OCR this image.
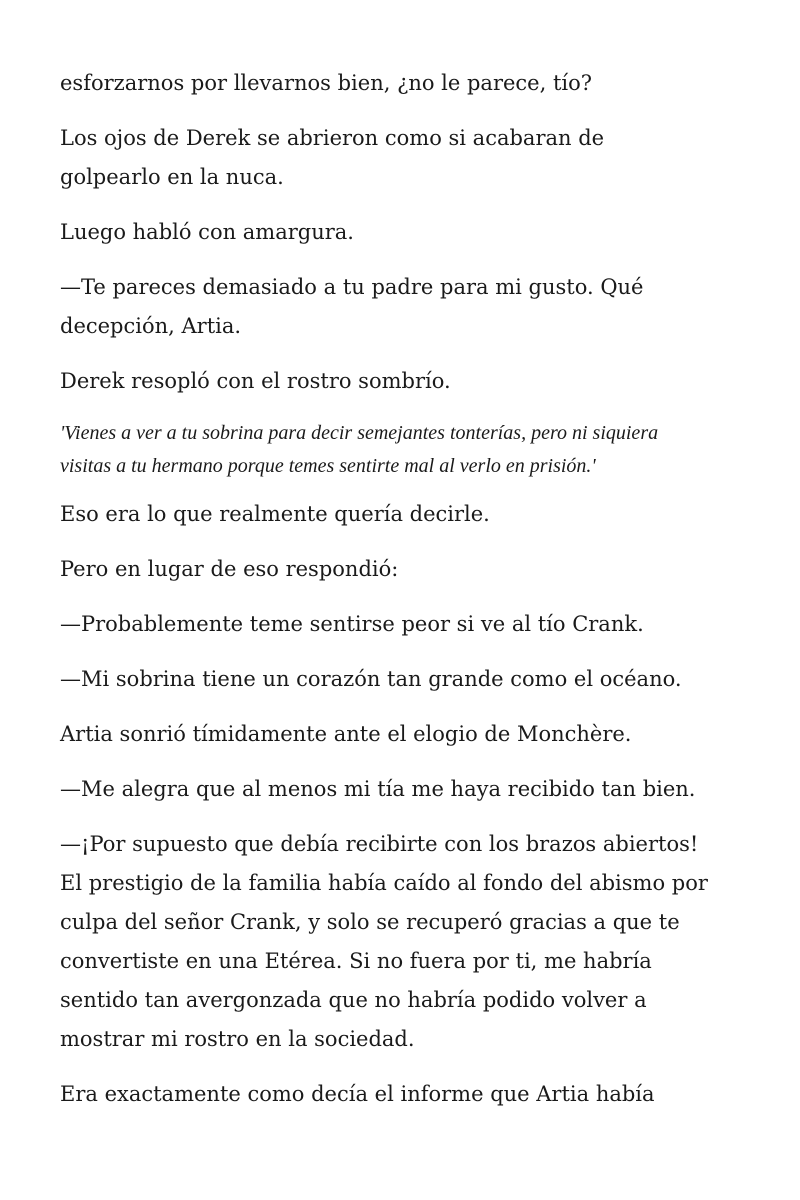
esforzarnos por llevarnos bien, ¿no le parece, tío?

Los ojos de Derek se abrieron como si acabaran de
golpearlo en la nuca.

Luego habló con amargura.

—Te pareces demasiado a tu padre para mi gusto. Qué
decepción, Artia.

Derek resopló con el rostro sombrío.

'Vienes a ver a tu sobrina para decir semejantes tonterías, pero ni siquiera
visitas a tu hermano porque temes sentirte mal al verlo en prisión.'

Eso era lo que realmente quería decirle.

Pero en lugar de eso respondió:

—Probablemente teme sentirse peor si ve al tío Crank.

—Mi sobrina tiene un corazón tan grande como el océano.

Artia sonrió tímidamente ante el elogio de Monchère.

—Me alegra que al menos mi tía me haya recibido tan bien.

—¡Por supuesto que debía recibirte con los brazos abiertos!
El prestigio de la familia había caído al fondo del abismo por
culpa del señor Crank, y solo se recuperó gracias a que te
convertiste en una Etérea. Si no fuera por ti, me habría
sentido tan avergonzada que no habría podido volver a
mostrar mi rostro en la sociedad.

Era exactamente como decía el informe que Artia había
